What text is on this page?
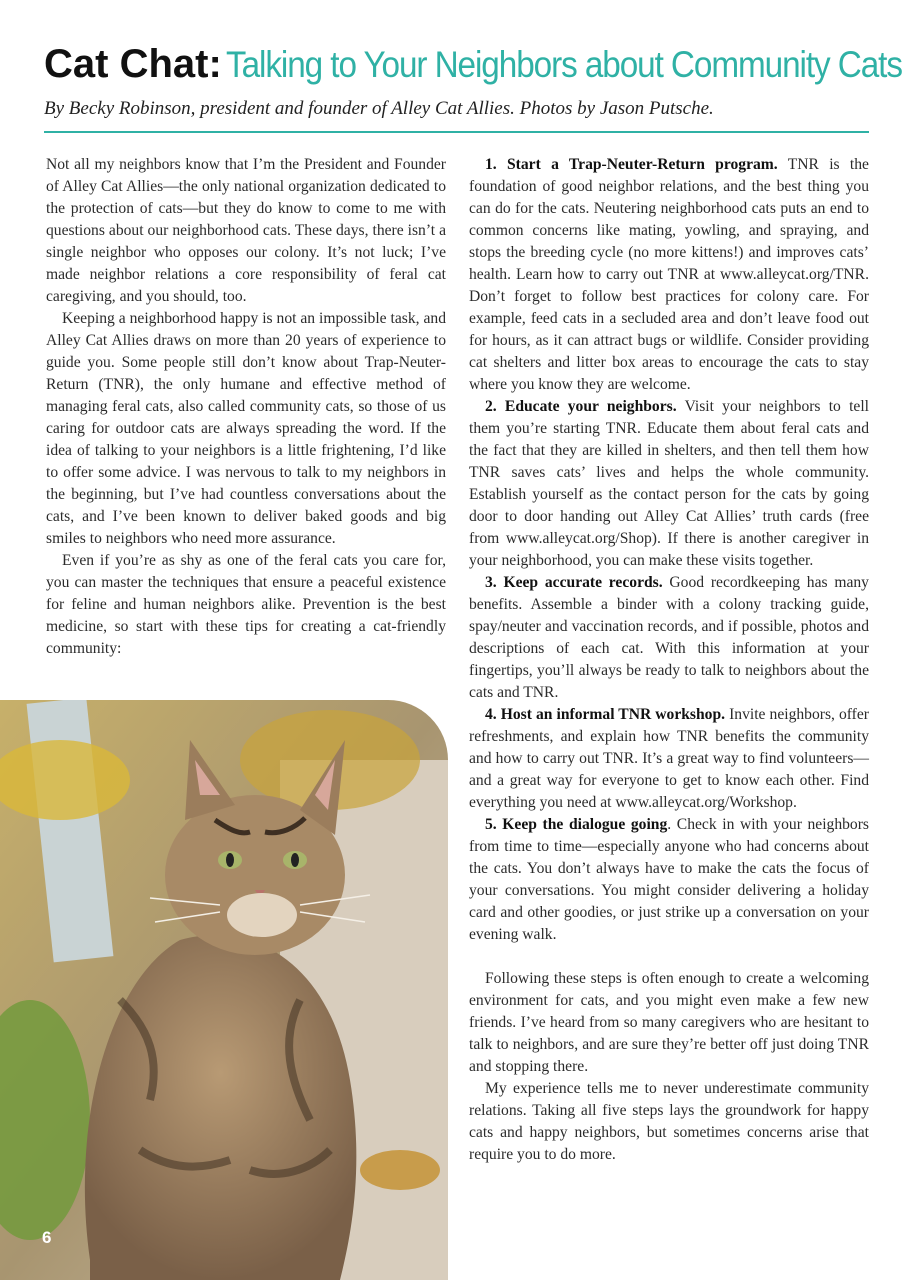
Cat Chat: Talking to Your Neighbors about Community Cats
By Becky Robinson, president and founder of Alley Cat Allies. Photos by Jason Putsche.

Not all my neighbors know that I’m the President and Founder of Alley Cat Allies—the only national organization dedicated to the protection of cats—but they do know to come to me with questions about our neighborhood cats. These days, there isn’t a single neighbor who opposes our colony. It’s not luck; I’ve made neighbor relations a core responsibility of feral cat caregiving, and you should, too.

Keeping a neighborhood happy is not an impossible task, and Alley Cat Allies draws on more than 20 years of experience to guide you. Some people still don’t know about Trap-Neuter-Return (TNR), the only humane and effective method of managing feral cats, also called community cats, so those of us caring for outdoor cats are always spreading the word. If the idea of talking to your neighbors is a little frightening, I’d like to offer some advice. I was nervous to talk to my neighbors in the beginning, but I’ve had countless conversations about the cats, and I’ve been known to deliver baked goods and big smiles to neighbors who need more assurance.

Even if you’re as shy as one of the feral cats you care for, you can master the techniques that ensure a peaceful existence for feline and human neighbors alike. Prevention is the best medicine, so start with these tips for creating a cat-friendly community:

6

1. Start a Trap-Neuter-Return program. TNR is the foundation of good neighbor relations, and the best thing you can do for the cats. Neutering neighborhood cats puts an end to common concerns like mating, yowling, and spraying, and stops the breeding cycle (no more kittens!) and improves cats’ health. Learn how to carry out TNR at www.alleycat.org/TNR. Don’t forget to follow best practices for colony care. For example, feed cats in a secluded area and don’t leave food out for hours, as it can attract bugs or wildlife. Consider providing cat shelters and litter box areas to encourage the cats to stay where you know they are welcome.

2. Educate your neighbors. Visit your neighbors to tell them you’re starting TNR. Educate them about feral cats and the fact that they are killed in shelters, and then tell them how TNR saves cats’ lives and helps the whole community. Establish yourself as the contact person for the cats by going door to door handing out Alley Cat Allies’ truth cards (free from www.alleycat.org/Shop). If there is another caregiver in your neighborhood, you can make these visits together.

3. Keep accurate records. Good recordkeeping has many benefits. Assemble a binder with a colony tracking guide, spay/neuter and vaccination records, and if possible, photos and descriptions of each cat. With this information at your fingertips, you’ll always be ready to talk to neighbors about the cats and TNR.

4. Host an informal TNR workshop. Invite neighbors, offer refreshments, and explain how TNR benefits the community and how to carry out TNR. It’s a great way to find volunteers—and a great way for everyone to get to know each other. Find everything you need at www.alleycat.org/Workshop.

5. Keep the dialogue going. Check in with your neighbors from time to time—especially anyone who had concerns about the cats. You don’t always have to make the cats the focus of your conversations. You might consider delivering a holiday card and other goodies, or just strike up a conversation on your evening walk.

Following these steps is often enough to create a welcoming environment for cats, and you might even make a few new friends. I’ve heard from so many caregivers who are hesitant to talk to neighbors, and are sure they’re better off just doing TNR and stopping there.

My experience tells me to never underestimate community relations. Taking all five steps lays the groundwork for happy cats and happy neighbors, but sometimes concerns arise that require you to do more.
